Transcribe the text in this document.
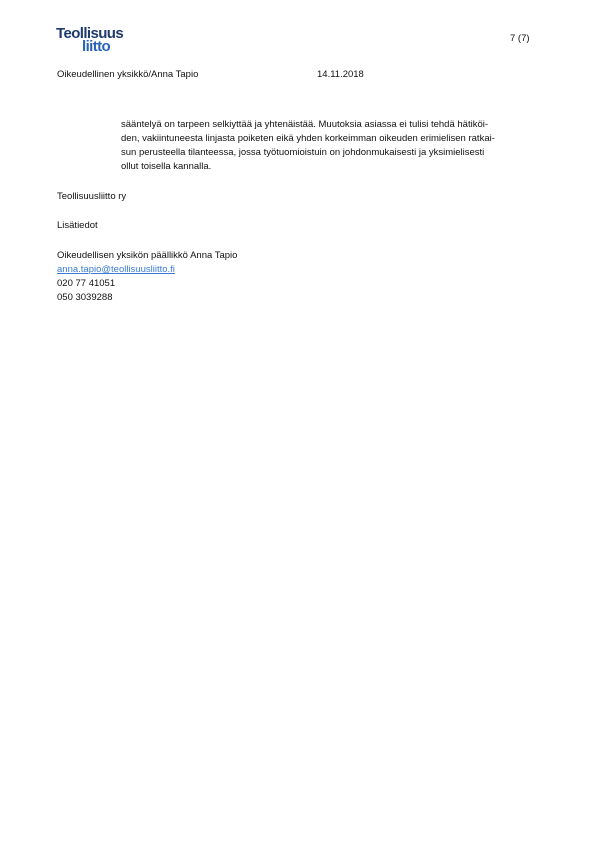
Teollisuus
liitto	7 (7)
Oikeudellinen yksikkö/Anna Tapio	14.11.2018

sääntelyä on tarpeen selkiyttää ja yhtenäistää. Muutoksia asiassa ei tulisi tehdä hätiköi-
den, vakiintuneesta linjasta poiketen eikä yhden korkeimman oikeuden erimielisen ratkai-
sun perusteella tilanteessa, jossa työtuomioistuin on johdonmukaisesti ja yksimielisesti
ollut toisella kannalla.

Teollisuusliitto ry
Lisätiedot
Oikeudellisen yksikön päällikkö Anna Tapio
anna.tapio@teollisuusliitto.fi
020 77 41051
050 3039288
